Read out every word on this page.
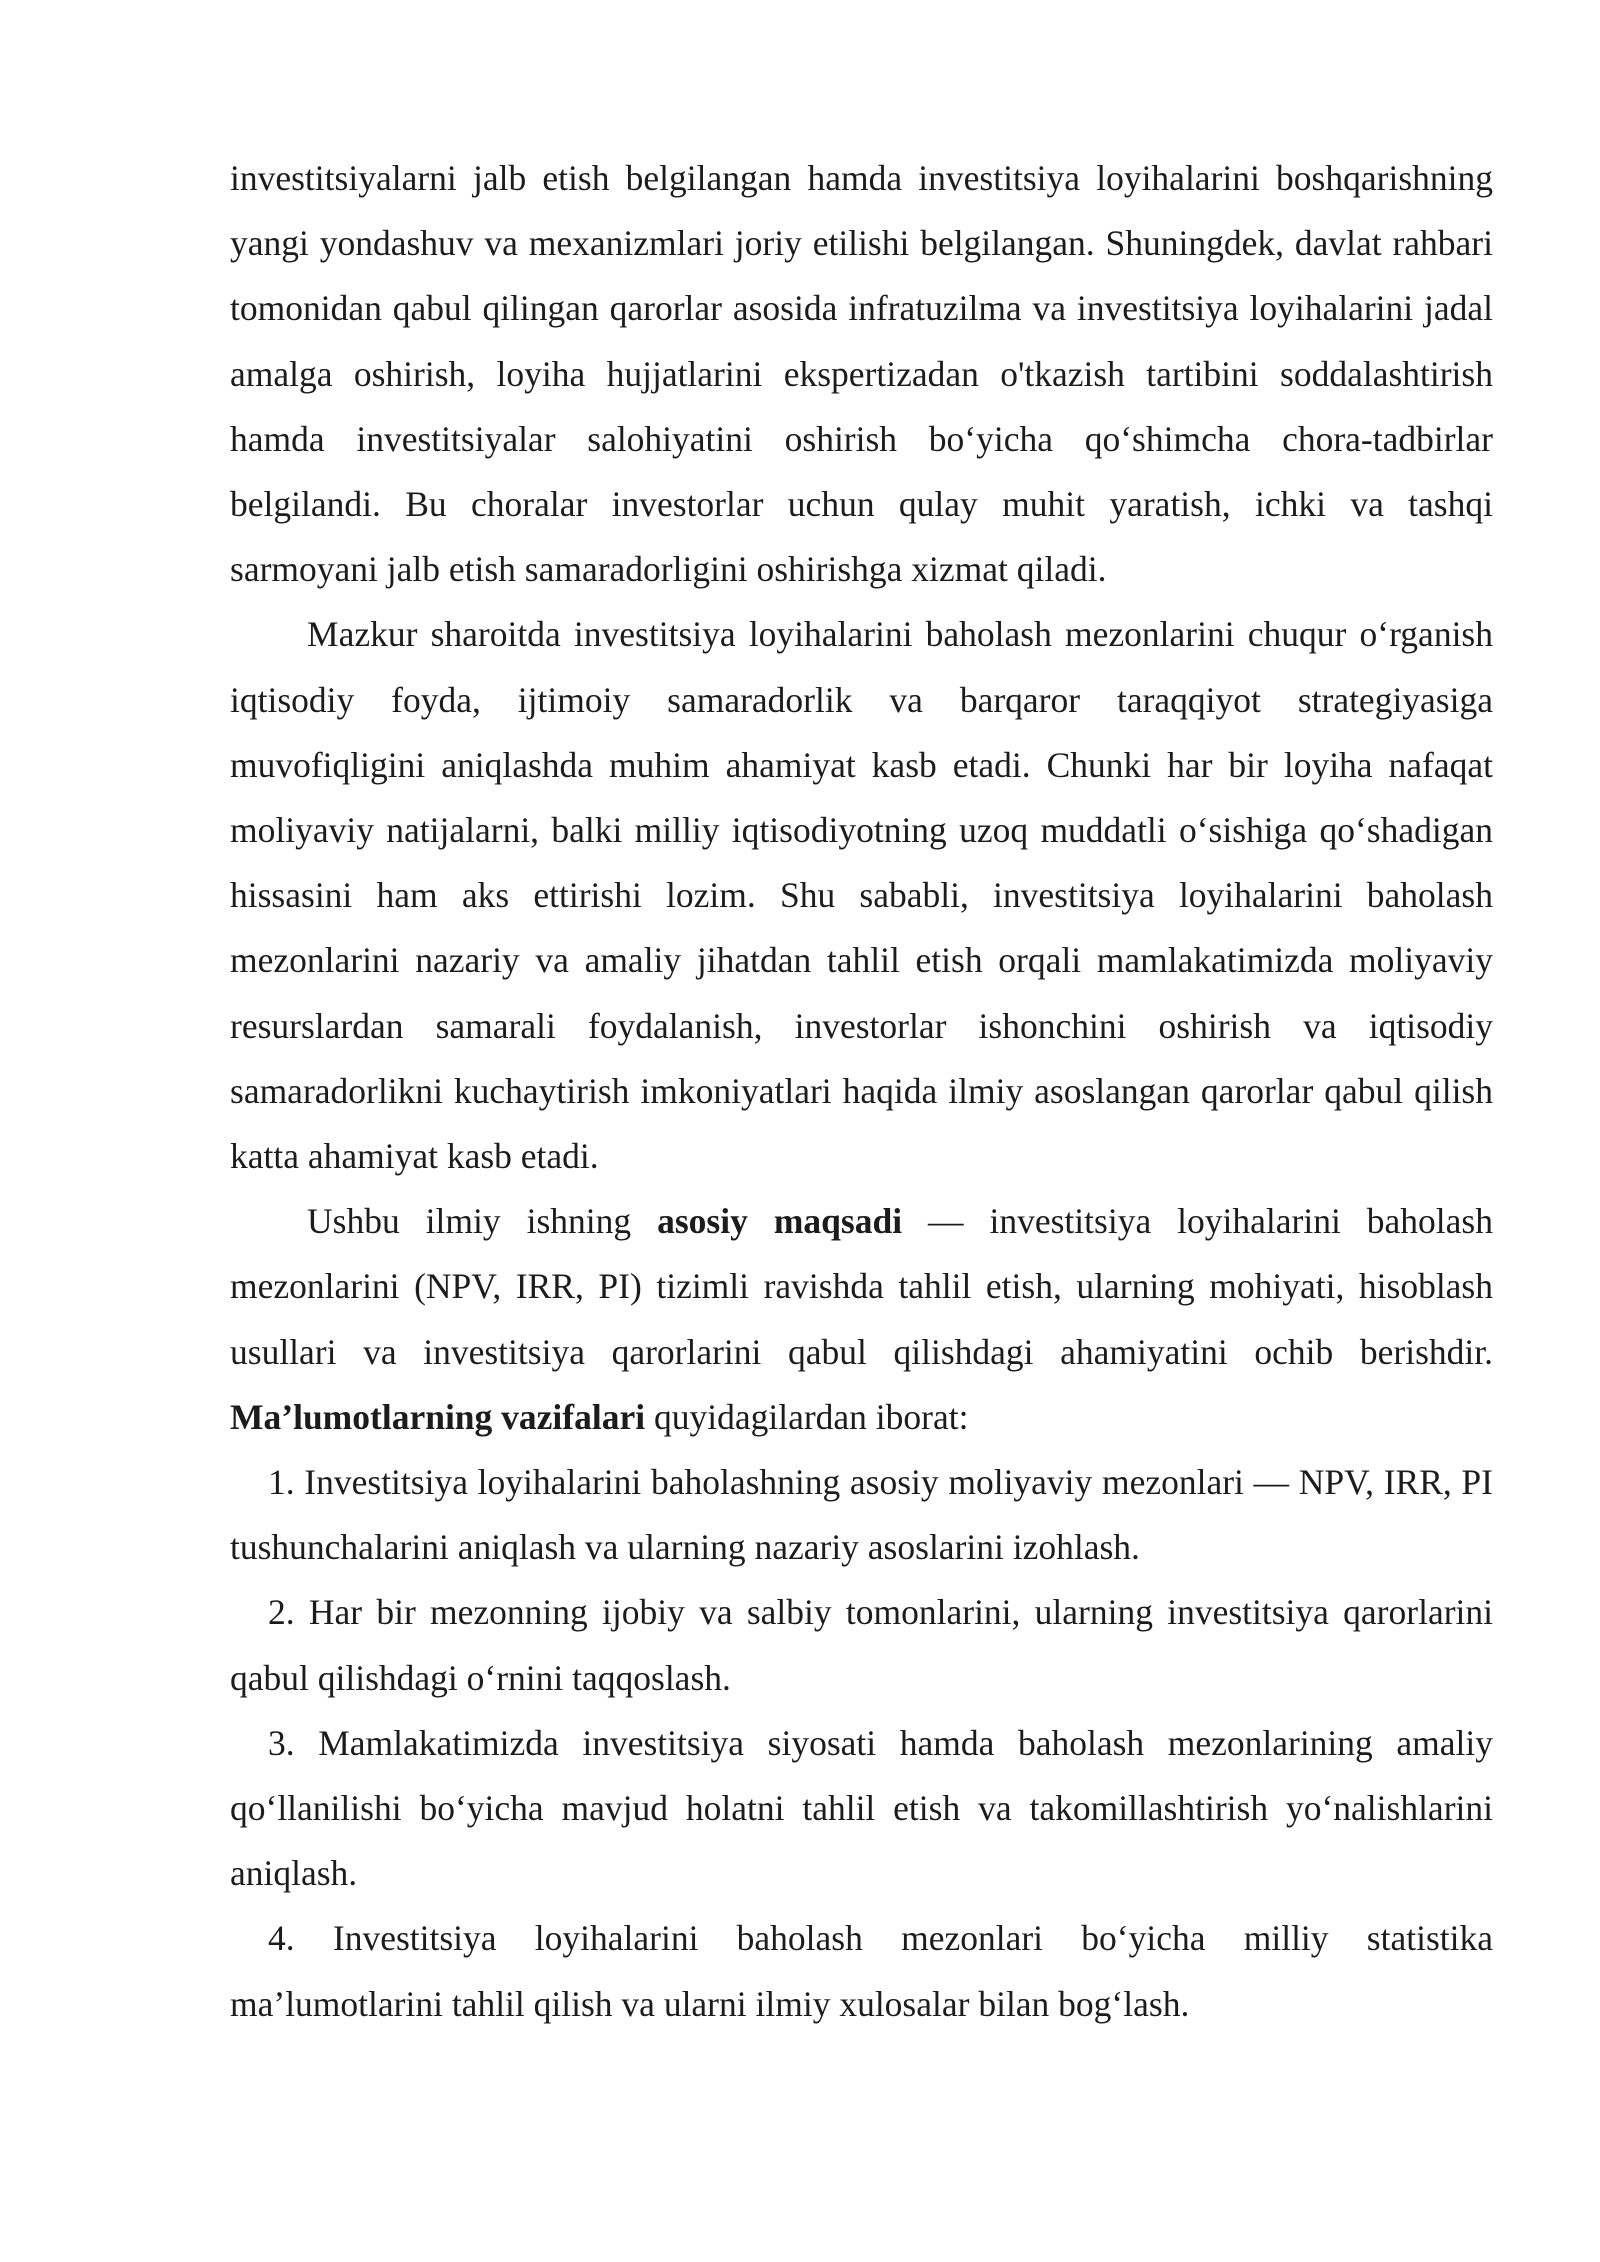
investitsiyalarni jalb etish belgilangan hamda investitsiya loyihalarini boshqarishning yangi yondashuv va mexanizmlari joriy etilishi belgilangan. Shuningdek, davlat rahbari tomonidan qabul qilingan qarorlar asosida infratuzilma va investitsiya loyihalarini jadal amalga oshirish, loyiha hujjatlarini ekspertizadan o'tkazish tartibini soddalashtirish hamda investitsiyalar salohiyatini oshirish bo‘yicha qo‘shimcha chora-tadbirlar belgilandi. Bu choralar investorlar uchun qulay muhit yaratish, ichki va tashqi sarmoyani jalb etish samaradorligini oshirishga xizmat qiladi.

Mazkur sharoitda investitsiya loyihalarini baholash mezonlarini chuqur o‘rganish iqtisodiy foyda, ijtimoiy samaradorlik va barqaror taraqqiyot strategiyasiga muvofiqligini aniqlashda muhim ahamiyat kasb etadi. Chunki har bir loyiha nafaqat moliyaviy natijalarni, balki milliy iqtisodiyotning uzoq muddatli o‘sishiga qo‘shadigan hissasini ham aks ettirishi lozim. Shu sababli, investitsiya loyihalarini baholash mezonlarini nazariy va amaliy jihatdan tahlil etish orqali mamlakatimizda moliyaviy resurslardan samarali foydalanish, investorlar ishonchini oshirish va iqtisodiy samaradorlikni kuchaytirish imkoniyatlari haqida ilmiy asoslangan qarorlar qabul qilish katta ahamiyat kasb etadi.

Ushbu ilmiy ishning asosiy maqsadi — investitsiya loyihalarini baholash mezonlarini (NPV, IRR, PI) tizimli ravishda tahlil etish, ularning mohiyati, hisoblash usullari va investitsiya qarorlarini qabul qilishdagi ahamiyatini ochib berishdir. Ma’lumotlarning vazifalari quyidagilardan iborat:

1. Investitsiya loyihalarini baholashning asosiy moliyaviy mezonlari — NPV, IRR, PI tushunchalarini aniqlash va ularning nazariy asoslarini izohlash.

2. Har bir mezonning ijobiy va salbiy tomonlarini, ularning investitsiya qarorlarini qabul qilishdagi o‘rnini taqqoslash.

3. Mamlakatimizda investitsiya siyosati hamda baholash mezonlarining amaliy qo‘llanilishi bo‘yicha mavjud holatni tahlil etish va takomillashtirish yo‘nalishlarini aniqlash.

4. Investitsiya loyihalarini baholash mezonlari bo‘yicha milliy statistika ma’lumotlarini tahlil qilish va ularni ilmiy xulosalar bilan bog‘lash.
